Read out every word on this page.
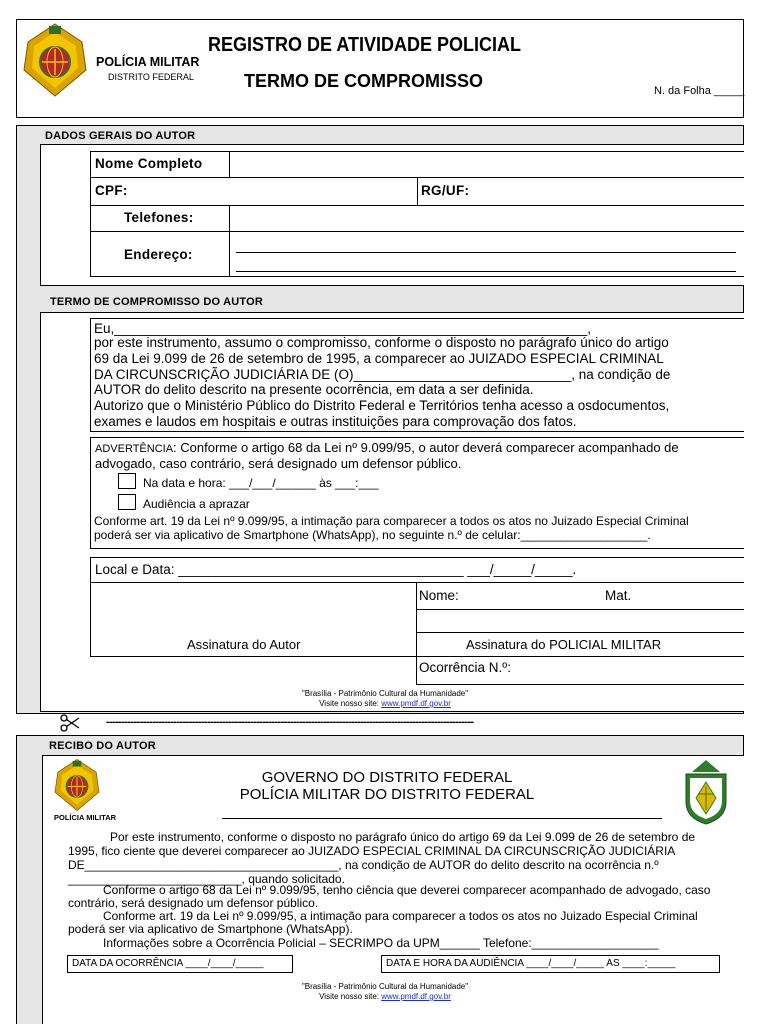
POLÍCIA MILITAR
DISTRITO FEDERAL
REGISTRO DE ATIVIDADE POLICIAL
TERMO DE COMPROMISSO	N. da Folha _____
DADOS GERAIS DO AUTOR
Nome Completo
CPF:	RG/UF:
Telefones:
Endereço:
TERMO DE COMPROMISSO DO AUTOR
Eu,_______________________________________________________________,
por este instrumento, assumo o compromisso, conforme o disposto no parágrafo único do artigo
69 da Lei 9.099 de 26 de setembro de 1995, a comparecer ao JUIZADO ESPECIAL CRIMINAL
DA CIRCUNSCRIÇÃO JUDICIÁRIA DE (O)_____________________________, na condição de
AUTOR do delito descrito na presente ocorrência, em data a ser definida.
Autorizo que o Ministério Público do Distrito Federal e Territórios tenha acesso a osdocumentos,
exames e laudos em hospitais e outras instituições para comprovação dos fatos.
ADVERTÊNCIA: Conforme o artigo 68 da Lei nº 9.099/95, o autor deverá comparecer acompanhado de
advogado, caso contrário, será designado um defensor público.
Na data e hora: ___/___/______ às ___:___
Audiência a aprazar
Conforme art. 19 da Lei nº 9.099/95, a intimação para comparecer a todos os atos no Juizado Especial Criminal
poderá ser via aplicativo de Smartphone (WhatsApp), no seguinte n.º de celular:___________________.
Local e Data: ______________________________________ ___/_____/_____.
Nome:	Mat.
Assinatura do Autor	Assinatura do POLICIAL MILITAR
Ocorrência N.º:
"Brasília - Patrimônio Cultural da Humanidade"
Visite nosso site: www.pmdf.df.gov.br
------------------------------------------------------------------------------------------------------------------------
RECIBO DO AUTOR
POLÍCIA MILITAR
GOVERNO DO DISTRITO FEDERAL
POLÍCIA MILITAR DO DISTRITO FEDERAL
Por este instrumento, conforme o disposto no parágrafo único do artigo 69 da Lei 9.099 de 26 de setembro de
1995, fico ciente que deverei comparecer ao JUIZADO ESPECIAL CRIMINAL DA CIRCUNSCRIÇÃO JUDICIÁRIA
DE______________________________________, na condição de AUTOR do delito descrito na ocorrência n.º
__________________________, quando solicitado.
Conforme o artigo 68 da Lei nº 9.099/95, tenho ciência que deverei comparecer acompanhado de advogado, caso
contrário, será designado um defensor público.
Conforme art. 19 da Lei nº 9.099/95, a intimação para comparecer a todos os atos no Juizado Especial Criminal
poderá ser via aplicativo de Smartphone (WhatsApp).
Informações sobre a Ocorrência Policial – SECRIMPO da UPM______ Telefone:___________________
DATA DA OCORRÊNCIA ____/____/_____	DATA E HORA DA AUDIÊNCIA ____/____/_____ AS ____:_____
"Brasília - Patrimônio Cultural da Humanidade"
Visite nosso site: www.pmdf.df.gov.br
